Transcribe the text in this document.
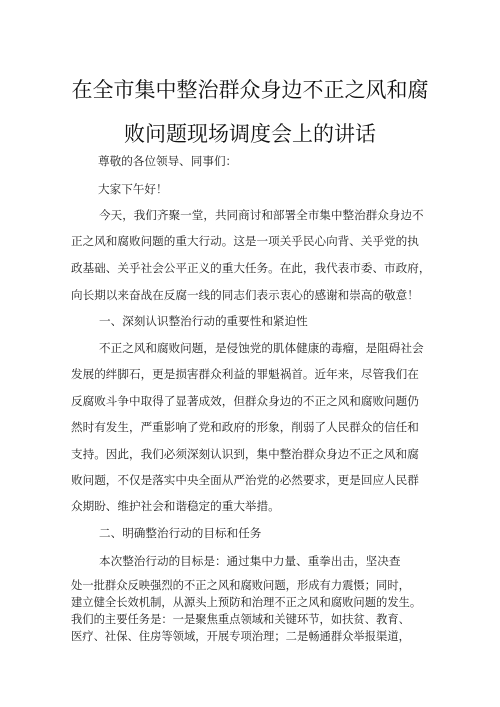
在全市集中整治群众身边不正之风和腐
败问题现场调度会上的讲话

尊敬的各位领导、同事们：

大家下午好！

今天，我们齐聚一堂，共同商讨和部署全市集中整治群众身边不

正之风和腐败问题的重大行动。这是一项关乎民心向背、关乎党的执

政基础、关乎社会公平正义的重大任务。在此，我代表市委、市政府，

向长期以来奋战在反腐一线的同志们表示衷心的感谢和崇高的敬意！

一、深刻认识整治行动的重要性和紧迫性

不正之风和腐败问题，是侵蚀党的肌体健康的毒瘤，是阻碍社会

发展的绊脚石，更是损害群众利益的罪魁祸首。近年来，尽管我们在

反腐败斗争中取得了显著成效，但群众身边的不正之风和腐败问题仍

然时有发生，严重影响了党和政府的形象，削弱了人民群众的信任和

支持。因此，我们必须深刻认识到，集中整治群众身边不正之风和腐

败问题，不仅是落实中央全面从严治党的必然要求，更是回应人民群

众期盼、维护社会和谐稳定的重大举措。

二、明确整治行动的目标和任务

本次整治行动的目标是：通过集中力量、重拳出击，坚决查

处一批群众反映强烈的不正之风和腐败问题，形成有力震慑；同时，

建立健全长效机制，从源头上预防和治理不正之风和腐败问题的发生。

我们的主要任务是：一是聚焦重点领域和关键环节，如扶贫、教育、

医疗、社保、住房等领域，开展专项治理；二是畅通群众举报渠道，
